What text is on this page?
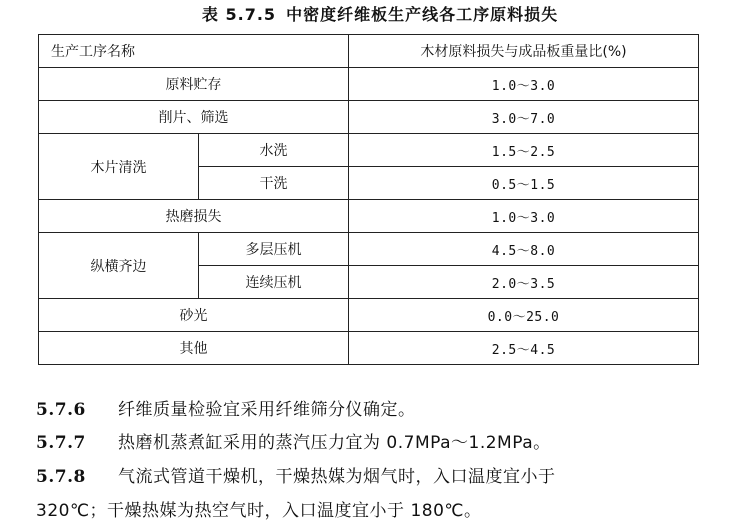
表 5.7.5 中密度纤维板生产线各工序原料损失
生产工序名称		木材原料损失与成品板重量比(%)
原料贮存		1.0～3.0
削片、筛选		3.0～7.0
木片清洗	水洗	1.5～2.5
	干洗	0.5～1.5
热磨损失		1.0～3.0
纵横齐边	多层压机	4.5～8.0
	连续压机	2.0～3.5
砂光		0.0～25.0
其他		2.5～4.5
5.7.6 纤维质量检验宜采用纤维筛分仪确定。
5.7.7 热磨机蒸煮缸采用的蒸汽压力宜为 0.7MPa～1.2MPa。
5.7.8 气流式管道干燥机，干燥热媒为烟气时，入口温度宜小于
320℃；干燥热媒为热空气时，入口温度宜小于 180℃。
